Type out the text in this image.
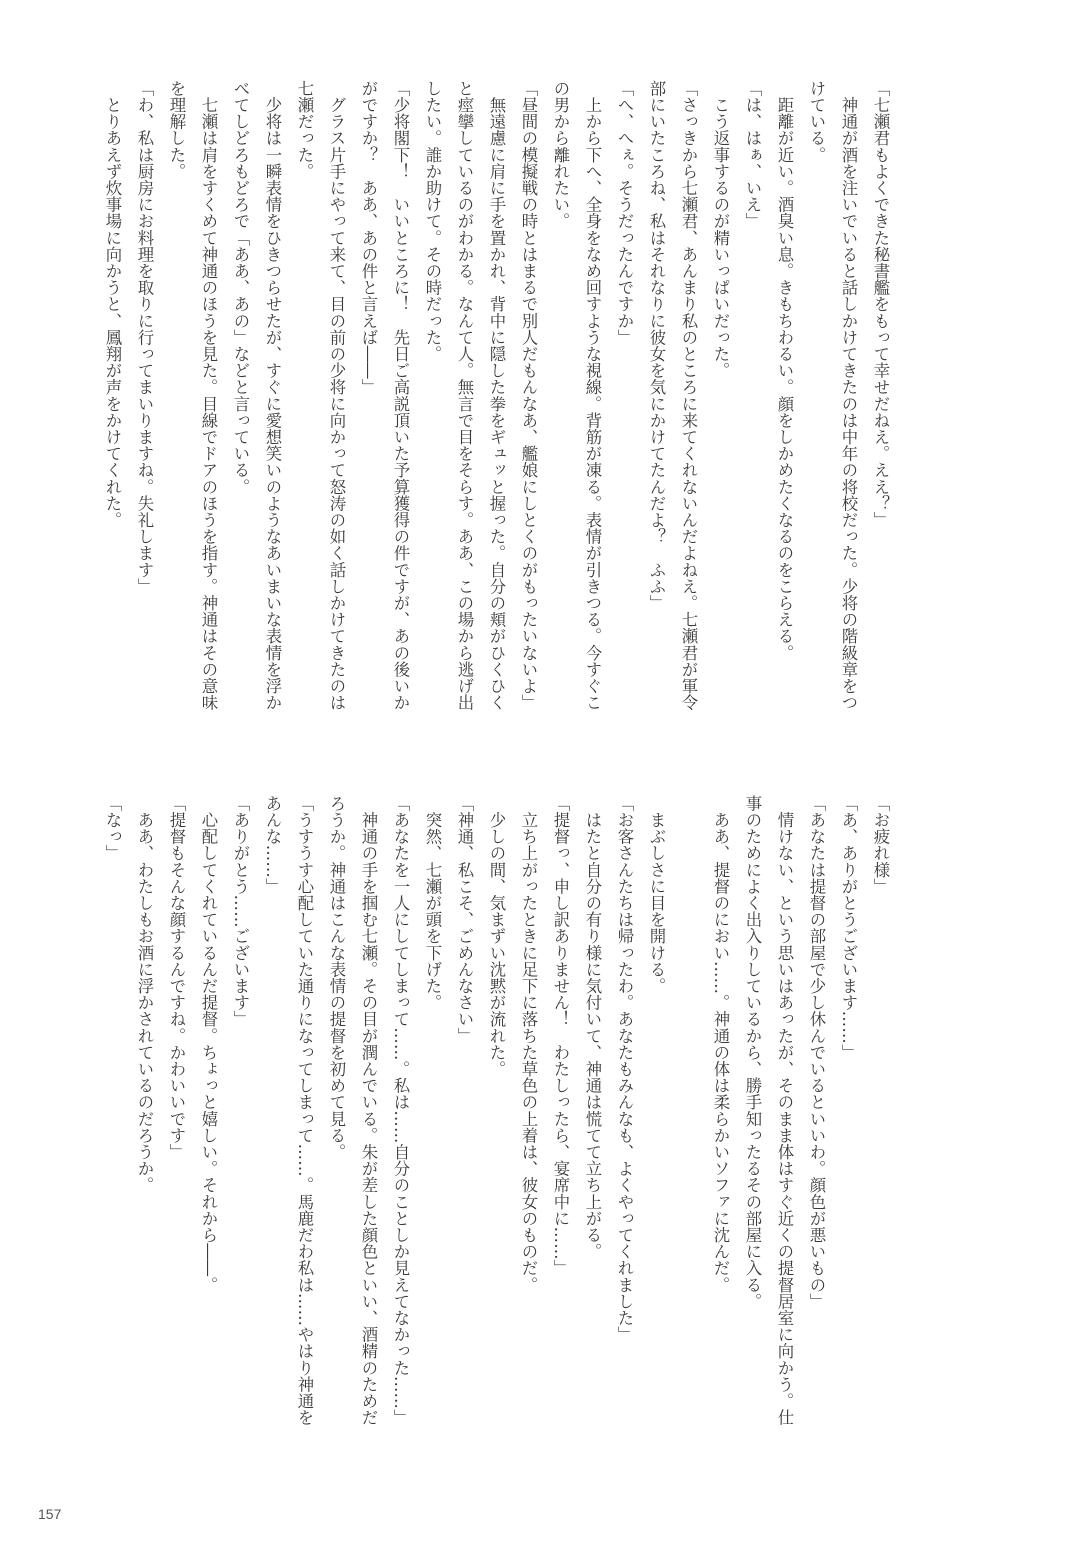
「七瀬君もよくできた秘書艦をもって幸せだねえ。ええ？」
　神通が酒を注いでいると話しかけてきたのは中年の将校だった。少将の階級章をつ
けている。
　距離が近い。酒臭い息。きもちわるい。顔をしかめたくなるのをこらえる。
「は、はぁ、いえ」
　こう返事するのが精いっぱいだった。
「さっきから七瀬君、あんまり私のところに来てくれないんだよねえ。七瀬君が軍令
部にいたころね、私はそれなりに彼女を気にかけてたんだよ？　ふふ」
「へ、へぇ。そうだったんですか」
　上から下へ、全身をなめ回すような視線。背筋が凍る。表情が引きつる。今すぐこ
の男から離れたい。
「昼間の模擬戦の時とはまるで別人だもんなあ、艦娘にしとくのがもったいないよ」
　無遠慮に肩に手を置かれ、背中に隠した拳をギュッと握った。自分の頬がひくひく
と痙攣しているのがわかる。なんて人。無言で目をそらす。ああ、この場から逃げ出
したい。誰か助けて。その時だった。
「少将閣下！　いいところに！　先日ご高説頂いた予算獲得の件ですが、あの後いか
がですか？　ああ、あの件と言えば――」
　グラス片手にやって来て、目の前の少将に向かって怒涛の如く話しかけてきたのは
七瀬だった。
　少将は一瞬表情をひきつらせたが、すぐに愛想笑いのようなあいまいな表情を浮か
べてしどろもどろで「ああ、あの」などと言っている。
　七瀬は肩をすくめて神通のほうを見た。目線でドアのほうを指す。神通はその意味
を理解した。
「わ、私は厨房にお料理を取りに行ってまいりますね。失礼します」
　とりあえず炊事場に向かうと、鳳翔が声をかけてくれた。
「お疲れ様」
「あ、ありがとうございます……」
「あなたは提督の部屋で少し休んでいるといいわ。顔色が悪いもの」
　情けない、という思いはあったが、そのまま体はすぐ近くの提督居室に向かう。仕
事のためによく出入りしているから、勝手知ったるその部屋に入る。
　ああ、提督のにおい……。神通の体は柔らかいソファに沈んだ。

　まぶしさに目を開ける。
「お客さんたちは帰ったわ。あなたもみんなも、よくやってくれました」
　はたと自分の有り様に気付いて、神通は慌てて立ち上がる。
「提督っ、申し訳ありません！　わたしったら、宴席中に……」
　立ち上がったときに足下に落ちた草色の上着は、彼女のものだ。
　少しの間、気まずい沈黙が流れた。
「神通、私こそ、ごめんなさい」
　突然、七瀬が頭を下げた。
「あなたを一人にしてしまって……。私は……自分のことしか見えてなかった……」
　神通の手を掴む七瀬。その目が潤んでいる。朱が差した顔色といい、酒精のためだ
ろうか。神通はこんな表情の提督を初めて見る。
「うすうす心配していた通りになってしまって……。馬鹿だわ私は……やはり神通を
あんな……」
「ありがとう……ございます」
　心配してくれているんだ提督。ちょっと嬉しい。それから――。
「提督もそんな顔するんですね。かわいいです」
　ああ、わたしもお酒に浮かされているのだろうか。
「なっ」
157
